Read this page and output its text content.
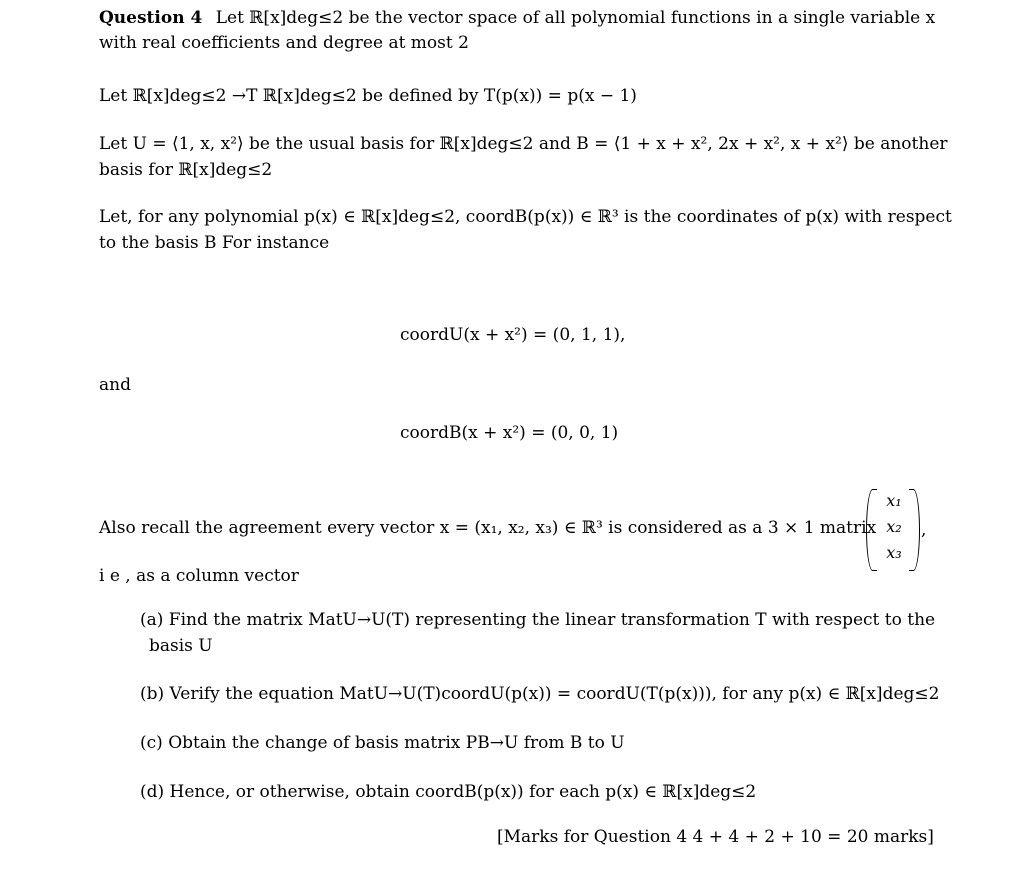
Question 4 Let ℝ[x]deg≤2 be the vector space of all polynomial functions in a single variable x
with real coefficients and degree at most 2
Let ℝ[x]deg≤2 →T ℝ[x]deg≤2 be defined by T(p(x)) = p(x − 1)
Let U = ⟨1, x, x²⟩ be the usual basis for ℝ[x]deg≤2 and B = ⟨1 + x + x², 2x + x², x + x²⟩ be another
basis for ℝ[x]deg≤2
Let, for any polynomial p(x) ∈ ℝ[x]deg≤2, coordB(p(x)) ∈ ℝ³ is the coordinates of p(x) with respect
to the basis B For instance
coordU(x + x²) = (0, 1, 1),
and
coordB(x + x²) = (0, 0, 1)
Also recall the agreement every vector x = (x₁, x₂, x₃) ∈ ℝ³ is considered as a 3 × 1 matrix
x₁
x₂
x₃
,
i e , as a column vector
(a) Find the matrix MatU→U(T) representing the linear transformation T with respect to the
basis U
(b) Verify the equation MatU→U(T)coordU(p(x)) = coordU(T(p(x))), for any p(x) ∈ ℝ[x]deg≤2
(c) Obtain the change of basis matrix PB→U from B to U
(d) Hence, or otherwise, obtain coordB(p(x)) for each p(x) ∈ ℝ[x]deg≤2
[Marks for Question 4 4 + 4 + 2 + 10 = 20 marks]
